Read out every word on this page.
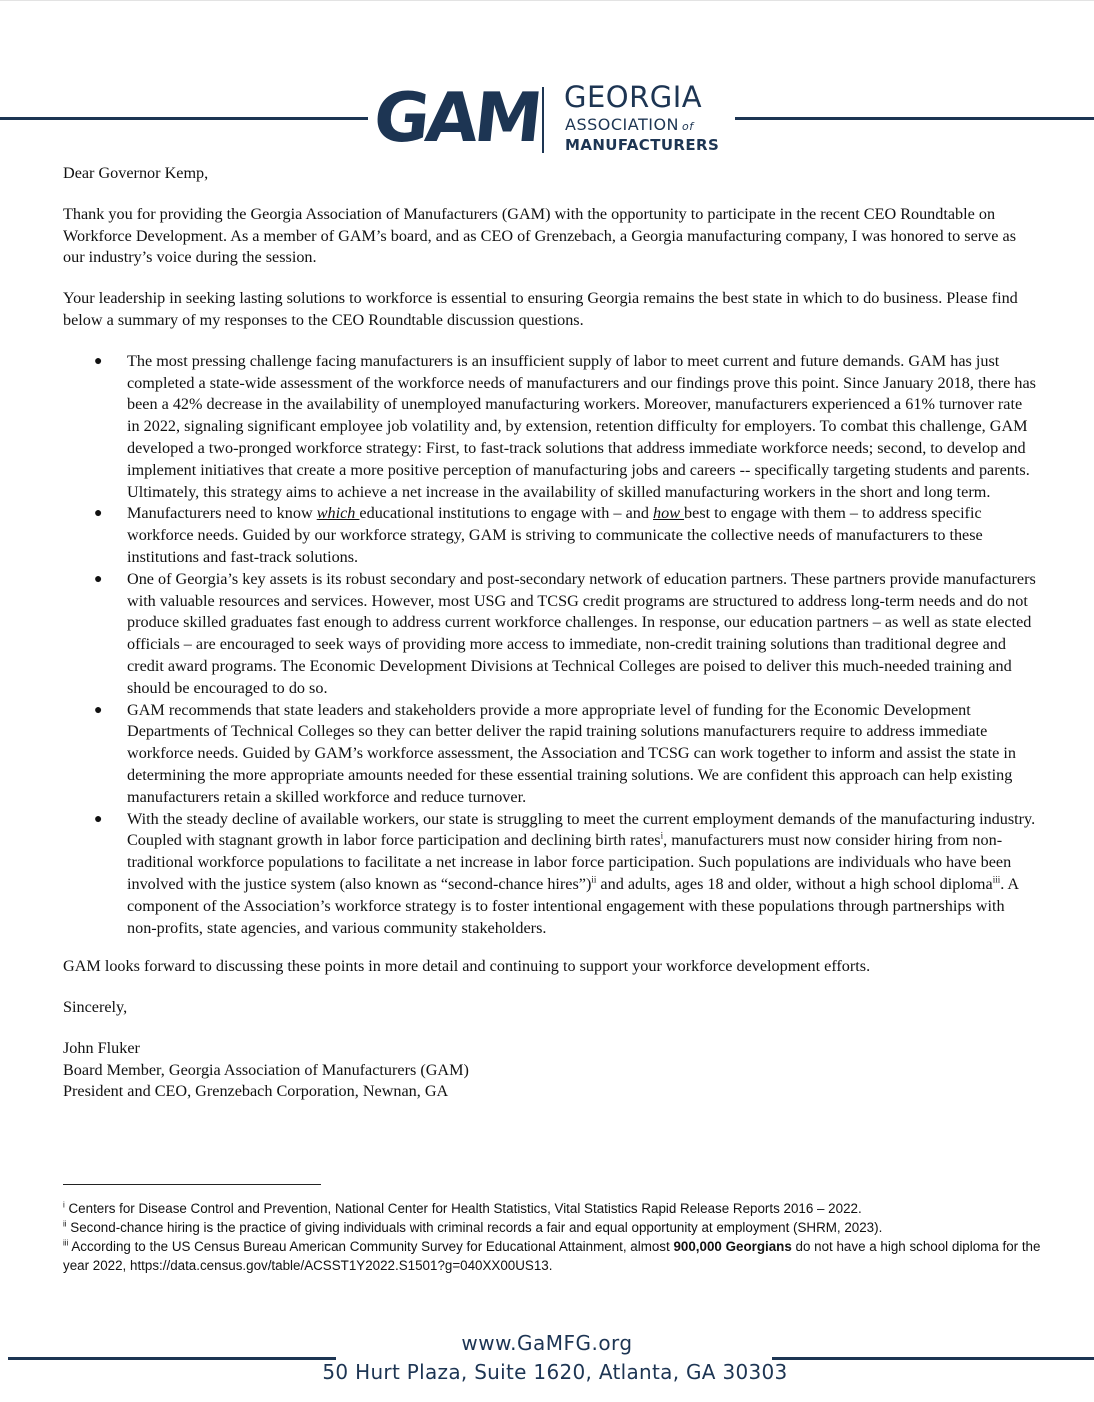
GAM GEORGIA
ASSOCIATION of
MANUFACTURERS

Dear Governor Kemp,

Thank you for providing the Georgia Association of Manufacturers (GAM) with the opportunity to participate in the recent CEO Roundtable on Workforce Development. As a member of GAM’s board, and as CEO of Grenzebach, a Georgia manufacturing company, I was honored to serve as our industry’s voice during the session.

Your leadership in seeking lasting solutions to workforce is essential to ensuring Georgia remains the best state in which to do business. Please find below a summary of my responses to the CEO Roundtable discussion questions.

● The most pressing challenge facing manufacturers is an insufficient supply of labor to meet current and future demands. GAM has just completed a state-wide assessment of the workforce needs of manufacturers and our findings prove this point. Since January 2018, there has been a 42% decrease in the availability of unemployed manufacturing workers. Moreover, manufacturers experienced a 61% turnover rate in 2022, signaling significant employee job volatility and, by extension, retention difficulty for employers. To combat this challenge, GAM developed a two-pronged workforce strategy: First, to fast-track solutions that address immediate workforce needs; second, to develop and implement initiatives that create a more positive perception of manufacturing jobs and careers -- specifically targeting students and parents. Ultimately, this strategy aims to achieve a net increase in the availability of skilled manufacturing workers in the short and long term.
● Manufacturers need to know which educational institutions to engage with – and how best to engage with them – to address specific workforce needs. Guided by our workforce strategy, GAM is striving to communicate the collective needs of manufacturers to these institutions and fast-track solutions.
● One of Georgia’s key assets is its robust secondary and post-secondary network of education partners. These partners provide manufacturers with valuable resources and services. However, most USG and TCSG credit programs are structured to address long-term needs and do not produce skilled graduates fast enough to address current workforce challenges. In response, our education partners – as well as state elected officials – are encouraged to seek ways of providing more access to immediate, non-credit training solutions than traditional degree and credit award programs. The Economic Development Divisions at Technical Colleges are poised to deliver this much-needed training and should be encouraged to do so.
● GAM recommends that state leaders and stakeholders provide a more appropriate level of funding for the Economic Development Departments of Technical Colleges so they can better deliver the rapid training solutions manufacturers require to address immediate workforce needs. Guided by GAM’s workforce assessment, the Association and TCSG can work together to inform and assist the state in determining the more appropriate amounts needed for these essential training solutions. We are confident this approach can help existing manufacturers retain a skilled workforce and reduce turnover.
● With the steady decline of available workers, our state is struggling to meet the current employment demands of the manufacturing industry. Coupled with stagnant growth in labor force participation and declining birth rates$^i$, manufacturers must now consider hiring from non-traditional workforce populations to facilitate a net increase in labor force participation. Such populations are individuals who have been involved with the justice system (also known as “second-chance hires”)$^{ii}$ and adults, ages 18 and older, without a high school diploma$^{iii}$. A component of the Association’s workforce strategy is to foster intentional engagement with these populations through partnerships with non-profits, state agencies, and various community stakeholders.

GAM looks forward to discussing these points in more detail and continuing to support your workforce development efforts.

Sincerely,

John Fluker

Board Member, Georgia Association of Manufacturers (GAM)

President and CEO, Grenzebach Corporation, Newnan, GA

$^i$ Centers for Disease Control and Prevention, National Center for Health Statistics, Vital Statistics Rapid Release Reports 2016 – 2022.

$^{ii}$ Second-chance hiring is the practice of giving individuals with criminal records a fair and equal opportunity at employment (SHRM, 2023).

$^{iii}$ According to the US Census Bureau American Community Survey for Educational Attainment, almost 900,000 Georgians do not have a high school diploma for the year 2022, https://data.census.gov/table/ACSST1Y2022.S1501?g=040XX00US13.

www.GaMFG.org
50 Hurt Plaza, Suite 1620, Atlanta, GA 30303
